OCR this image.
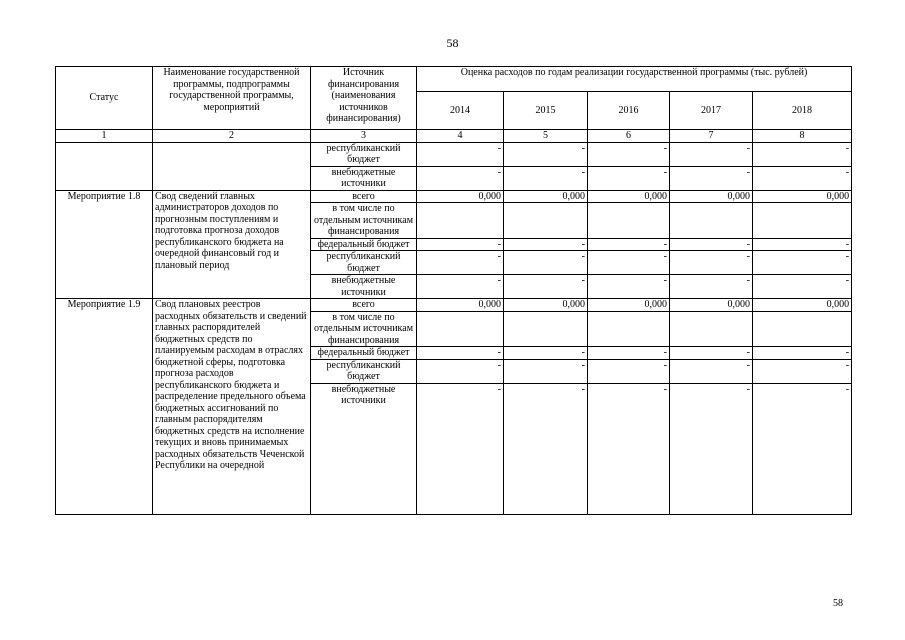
58
Статус	Наименование государственной программы, подпрограммы государственной программы, мероприятий	Источник финансирования (наименования источников финансирования)	Оценка расходов по годам реализации государственной программы (тыс. рублей)				
			2014	2015	2016	2017	2018
1	2	3	4	5	6	7	8
		республиканский бюджет	-	-	-	-	-
		внебюджетные источники	-	-	-	-	-
Мероприятие 1.8	Свод сведений главных администраторов доходов по прогнозным поступлениям и подготовка прогноза доходов республиканского бюджета на очередной финансовый год и плановый период	всего	0,000	0,000	0,000	0,000	0,000
		в том числе по отдельным источникам финансирования					
		федеральный бюджет	-	-	-	-	-
		республиканский бюджет	-	-	-	-	-
		внебюджетные источники	-	-	-	-	-
Мероприятие 1.9	Свод плановых реестров расходных обязательств и сведений главных распорядителей бюджетных средств по планируемым расходам в отраслях бюджетной сферы, подготовка прогноза расходов республиканского бюджета и распределение предельного объема бюджетных ассигнований по главным распорядителям бюджетных средств на исполнение текущих и вновь принимаемых расходных обязательств Чеченской Республики на очередной	всего	0,000	0,000	0,000	0,000	0,000
		в том числе по отдельным источникам финансирования					
		федеральный бюджет	-	-	-	-	-
		республиканский бюджет	-	-	-	-	-
		внебюджетные источники	-	-	-	-	-
58
